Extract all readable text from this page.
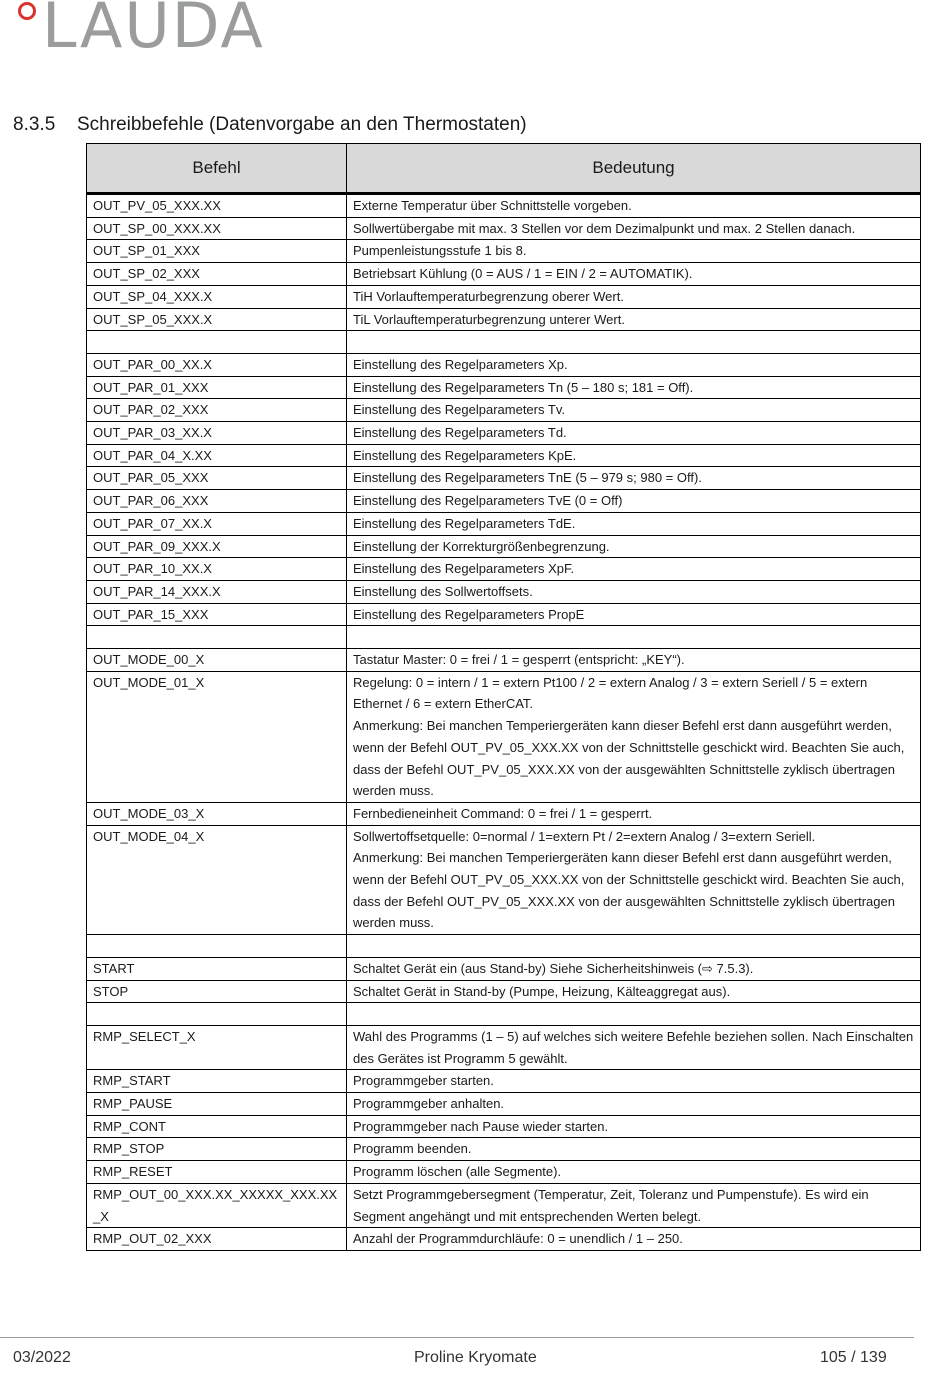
LAUDA
8.3.5 Schreibbefehle (Datenvorgabe an den Thermostaten)
Befehl	Bedeutung
OUT_PV_05_XXX.XX	Externe Temperatur über Schnittstelle vorgeben.
OUT_SP_00_XXX.XX	Sollwertübergabe mit max. 3 Stellen vor dem Dezimalpunkt und max. 2 Stellen danach.
OUT_SP_01_XXX	Pumpenleistungsstufe 1 bis 8.
OUT_SP_02_XXX	Betriebsart Kühlung (0 = AUS / 1 = EIN / 2 = AUTOMATIK).
OUT_SP_04_XXX.X	TiH Vorlauftemperaturbegrenzung oberer Wert.
OUT_SP_05_XXX.X	TiL Vorlauftemperaturbegrenzung unterer Wert.

OUT_PAR_00_XX.X	Einstellung des Regelparameters Xp.
OUT_PAR_01_XXX	Einstellung des Regelparameters Tn (5 – 180 s; 181 = Off).
OUT_PAR_02_XXX	Einstellung des Regelparameters Tv.
OUT_PAR_03_XX.X	Einstellung des Regelparameters Td.
OUT_PAR_04_X.XX	Einstellung des Regelparameters KpE.
OUT_PAR_05_XXX	Einstellung des Regelparameters TnE (5 – 979 s; 980 = Off).
OUT_PAR_06_XXX	Einstellung des Regelparameters TvE (0 = Off)
OUT_PAR_07_XX.X	Einstellung des Regelparameters TdE.
OUT_PAR_09_XXX.X	Einstellung der Korrekturgrößenbegrenzung.
OUT_PAR_10_XX.X	Einstellung des Regelparameters XpF.
OUT_PAR_14_XXX.X	Einstellung des Sollwertoffsets.
OUT_PAR_15_XXX	Einstellung des Regelparameters PropE

OUT_MODE_00_X	Tastatur Master: 0 = frei / 1 = gesperrt (entspricht: „KEY“).
OUT_MODE_01_X	Regelung: 0 = intern / 1 = extern Pt100 / 2 = extern Analog / 3 = extern Seriell / 5 = extern Ethernet / 6 = extern EtherCAT.
Anmerkung: Bei manchen Temperiergeräten kann dieser Befehl erst dann ausgeführt werden, wenn der Befehl OUT_PV_05_XXX.XX von der Schnittstelle geschickt wird. Beachten Sie auch, dass der Befehl OUT_PV_05_XXX.XX von der ausgewählten Schnittstelle zyklisch übertragen werden muss.
OUT_MODE_03_X	Fernbedieneinheit Command: 0 = frei / 1 = gesperrt.
OUT_MODE_04_X	Sollwertoffsetquelle: 0=normal / 1=extern Pt / 2=extern Analog / 3=extern Seriell.
Anmerkung: Bei manchen Temperiergeräten kann dieser Befehl erst dann ausgeführt werden, wenn der Befehl OUT_PV_05_XXX.XX von der Schnittstelle geschickt wird. Beachten Sie auch, dass der Befehl OUT_PV_05_XXX.XX von der ausgewählten Schnittstelle zyklisch übertragen werden muss.

START	Schaltet Gerät ein (aus Stand-by) Siehe Sicherheitshinweis (⇨ 7.5.3).
STOP	Schaltet Gerät in Stand-by (Pumpe, Heizung, Kälteaggregat aus).

RMP_SELECT_X	Wahl des Programms (1 – 5) auf welches sich weitere Befehle beziehen sollen. Nach Einschalten des Gerätes ist Programm 5 gewählt.
RMP_START	Programmgeber starten.
RMP_PAUSE	Programmgeber anhalten.
RMP_CONT	Programmgeber nach Pause wieder starten.
RMP_STOP	Programm beenden.
RMP_RESET	Programm löschen (alle Segmente).
RMP_OUT_00_XXX.XX_XXXXX_XXX.XX_X	Setzt Programmgebersegment (Temperatur, Zeit, Toleranz und Pumpenstufe). Es wird ein Segment angehängt und mit entsprechenden Werten belegt.
RMP_OUT_02_XXX	Anzahl der Programmdurchläufe: 0 = unendlich / 1 – 250.
03/2022	Proline Kryomate	105 / 139
